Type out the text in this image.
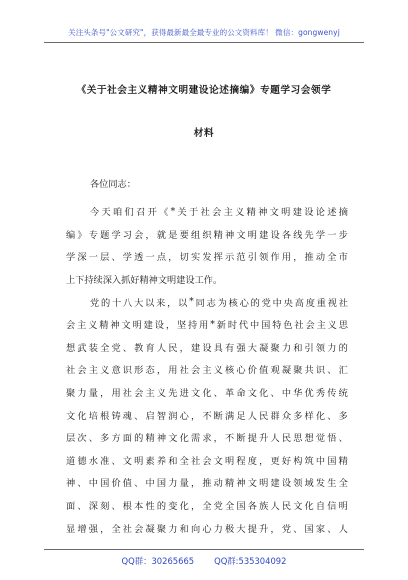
关注头条号"公文研究"，获得最新最全最专业的公文资料库！ 微信：gongwenyj
《关于社会主义精神文明建设论述摘编》专题学习会领学
材料
各位同志：
今 天 咱 们 召 开 《 * 关 于 社 会 主 义 精 神 文 明 建 设 论 述 摘
编 》 专 题 学 习 会 ， 就 是 要 组 织 精 神 文 明 建 设 各 线 先 学 一 步
学 深 一 层 、 学 透 一 点 ， 切 实 发 挥 示 范 引 领 作 用 ， 推 动 全 市
上下持续深入抓好精神文明建设工作。
党 的 十 八 大 以 来 ， 以 * 同 志 为 核 心 的 党 中 央 高 度 重 视 社
会 主 义 精 神 文 明 建 设 ， 坚 持 用 * 新 时 代 中 国 特 色 社 会 主 义 思
想 武 装 全 党 、 教 育 人 民 ， 建 设 具 有 强 大 凝 聚 力 和 引 领 力 的
社 会 主 义 意 识 形 态 ， 用 社 会 主 义 核 心 价 值 观 凝 聚 共 识 、 汇
聚 力 量 ， 用 社 会 主 义 先 进 文 化 、 革 命 文 化 、 中 华 优 秀 传 统
文 化 培 根 铸 魂 、 启 智 润 心 ， 不 断 满 足 人 民 群 众 多 样 化 、 多
层 次 、 多 方 面 的 精 神 文 化 需 求 ， 不 断 提 升 人 民 思 想 觉 悟 、
道 德 水 准 、 文 明 素 养 和 全 社 会 文 明 程 度 ， 更 好 构 筑 中 国 精
神 、 中 国 价 值 、 中 国 力 量 ， 推 动 精 神 文 明 建 设 领 域 发 生 全
面 、 深 刻 、 根 本 性 的 变 化 ， 全 党 全 国 各 族 人 民 文 化 自 信 明
显 增 强 ， 全 社 会 凝 聚 力 和 向 心 力 极 大 提 升 ， 党 、 国 家 、 人
QQ群：30265665 QQ群:535304092
